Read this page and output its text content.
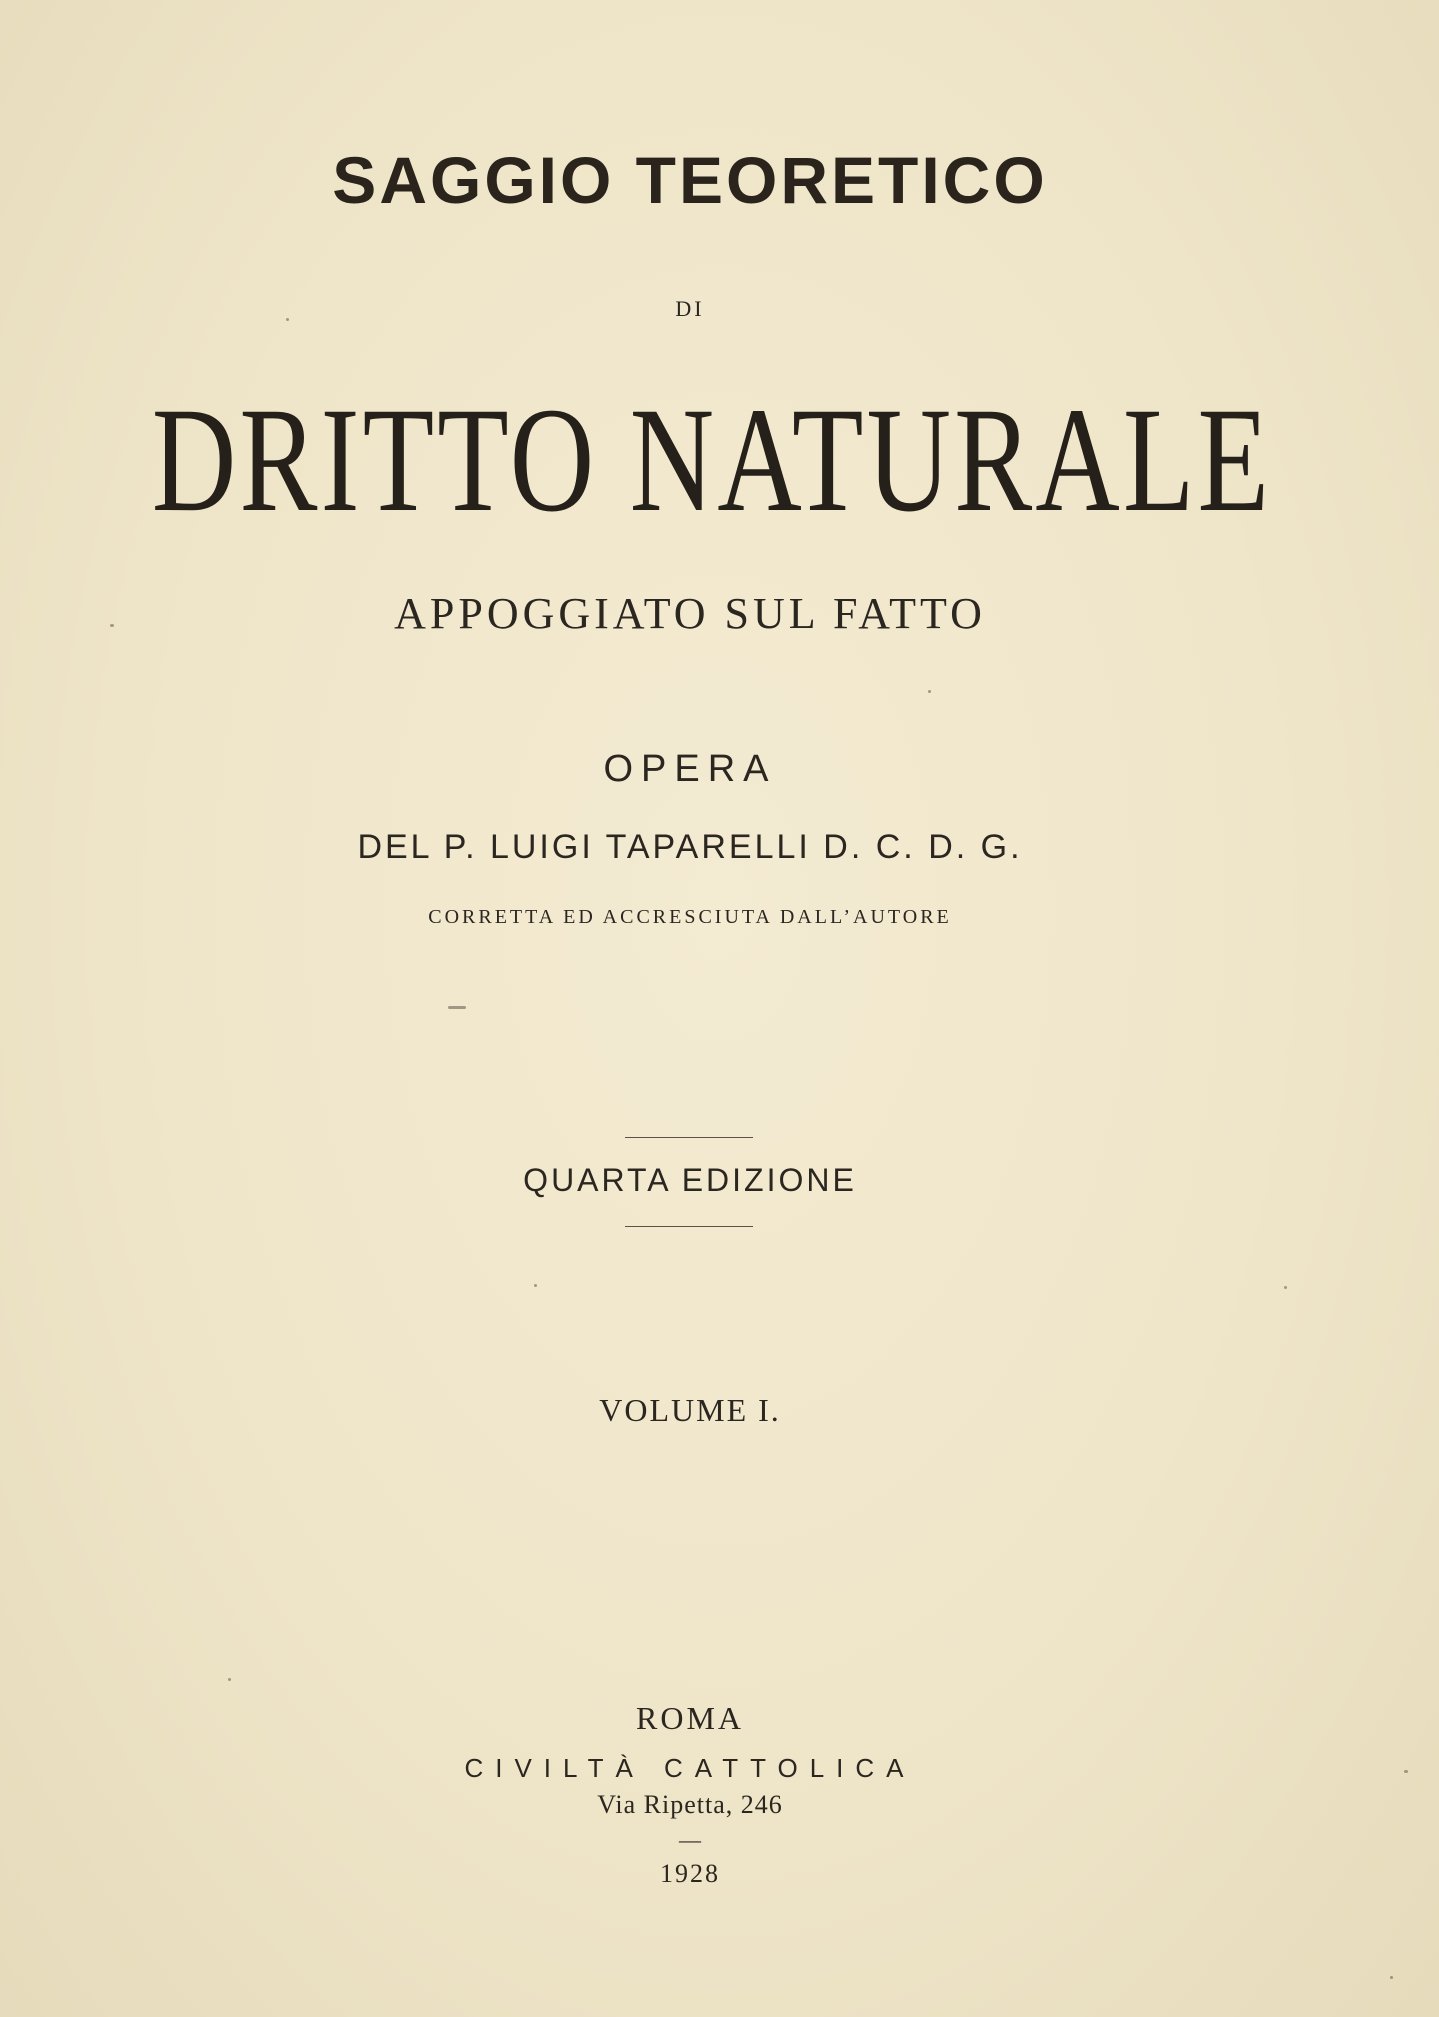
SAGGIO TEORETICO
DI
DRITTO NATURALE
APPOGGIATO SUL FATTO
OPERA
DEL P. LUIGI TAPARELLI D. C. D. G.
CORRETTA ED ACCRESCIUTA DALL’AUTORE
QUARTA EDIZIONE
VOLUME I.
ROMA
CIVILTÀ CATTOLICA
Via Ripetta, 246
—
1928
